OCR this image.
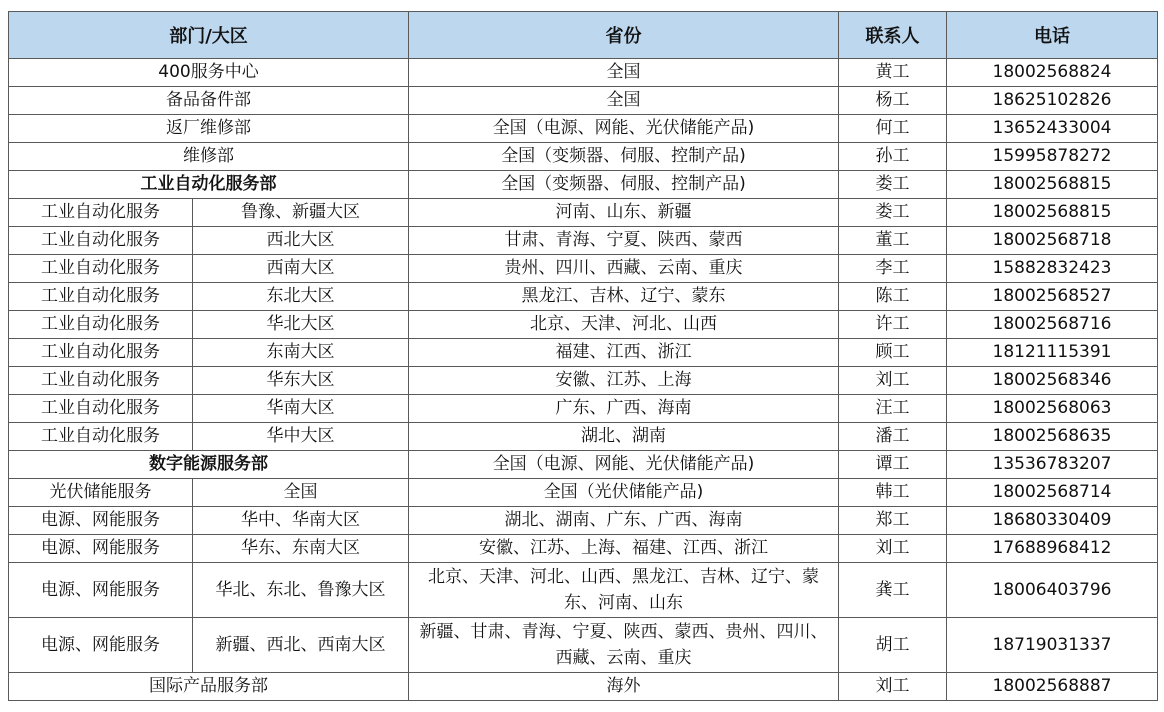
部门/大区		省份	联系人	电话
400服务中心		全国	黄工	18002568824
备品备件部		全国	杨工	18625102826
返厂维修部		全国（电源、网能、光伏储能产品)	何工	13652433004
维修部		全国（变频器、伺服、控制产品)	孙工	15995878272
工业自动化服务部		全国（变频器、伺服、控制产品)	娄工	18002568815
工业自动化服务	鲁豫、新疆大区	河南、山东、新疆	娄工	18002568815
工业自动化服务	西北大区	甘肃、青海、宁夏、陕西、蒙西	董工	18002568718
工业自动化服务	西南大区	贵州、四川、西藏、云南、重庆	李工	15882832423
工业自动化服务	东北大区	黑龙江、吉林、辽宁、蒙东	陈工	18002568527
工业自动化服务	华北大区	北京、天津、河北、山西	许工	18002568716
工业自动化服务	东南大区	福建、江西、浙江	顾工	18121115391
工业自动化服务	华东大区	安徽、江苏、上海	刘工	18002568346
工业自动化服务	华南大区	广东、广西、海南	汪工	18002568063
工业自动化服务	华中大区	湖北、湖南	潘工	18002568635
数字能源服务部		全国（电源、网能、光伏储能产品)	谭工	13536783207
光伏储能服务	全国	全国（光伏储能产品)	韩工	18002568714
电源、网能服务	华中、华南大区	湖北、湖南、广东、广西、海南	郑工	18680330409
电源、网能服务	华东、东南大区	安徽、江苏、上海、福建、江西、浙江	刘工	17688968412
电源、网能服务	华北、东北、鲁豫大区	北京、天津、河北、山西、黑龙江、吉林、辽宁、蒙东、河南、山东	龚工	18006403796
电源、网能服务	新疆、西北、西南大区	新疆、甘肃、青海、宁夏、陕西、蒙西、贵州、四川、西藏、云南、重庆	胡工	18719031337
国际产品服务部		海外	刘工	18002568887
